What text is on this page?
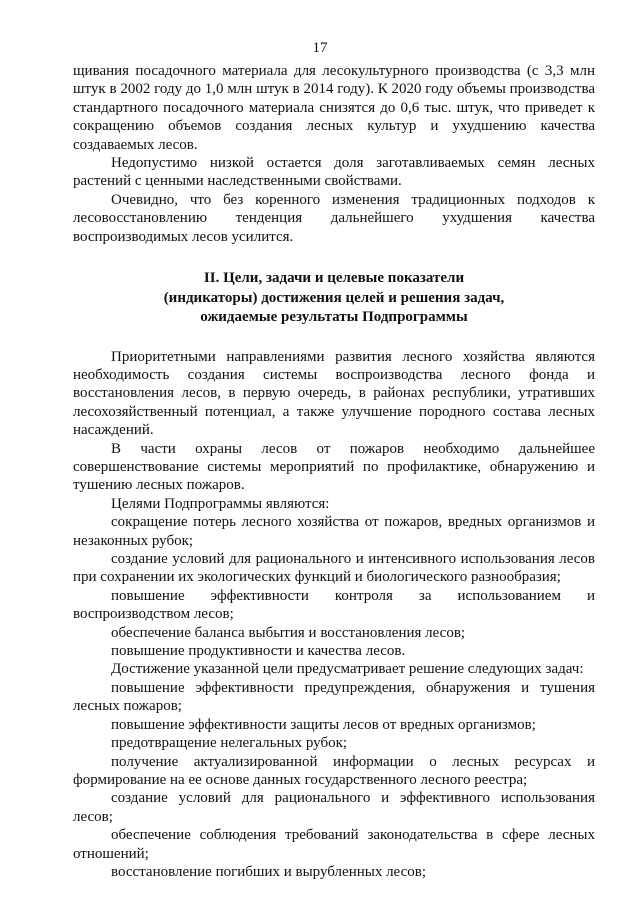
17

щивания посадочного материала для лесокультурного производства (с 3,3 млн штук в 2002 году до 1,0 млн штук в 2014 году). К 2020 году объемы производства стандартного посадочного материала снизятся до 0,6 тыс. штук, что приведет к сокращению объемов создания лесных культур и ухудшению качества создаваемых лесов.

Недопустимо низкой остается доля заготавливаемых семян лесных растений с ценными наследственными свойствами.

Очевидно, что без коренного изменения традиционных подходов к лесовосстановлению тенденция дальнейшего ухудшения качества воспроизводимых лесов усилится.

II. Цели, задачи и целевые показатели
(индикаторы) достижения целей и решения задач,
ожидаемые результаты Подпрограммы

Приоритетными направлениями развития лесного хозяйства являются необходимость создания системы воспроизводства лесного фонда и восстановления лесов, в первую очередь, в районах республики, утративших лесохозяйственный потенциал, а также улучшение породного состава лесных насаждений.

В части охраны лесов от пожаров необходимо дальнейшее совершенствование системы мероприятий по профилактике, обнаружению и тушению лесных пожаров.

Целями Подпрограммы являются:

сокращение потерь лесного хозяйства от пожаров, вредных организмов и незаконных рубок;

создание условий для рационального и интенсивного использования лесов при сохранении их экологических функций и биологического разнообразия;

повышение эффективности контроля за использованием и воспроизводством лесов;

обеспечение баланса выбытия и восстановления лесов;

повышение продуктивности и качества лесов.

Достижение указанной цели предусматривает решение следующих задач:

повышение эффективности предупреждения, обнаружения и тушения лесных пожаров;

повышение эффективности защиты лесов от вредных организмов;

предотвращение нелегальных рубок;

получение актуализированной информации о лесных ресурсах и формирование на ее основе данных государственного лесного реестра;

создание условий для рационального и эффективного использования лесов;

обеспечение соблюдения требований законодательства в сфере лесных отношений;

восстановление погибших и вырубленных лесов;
